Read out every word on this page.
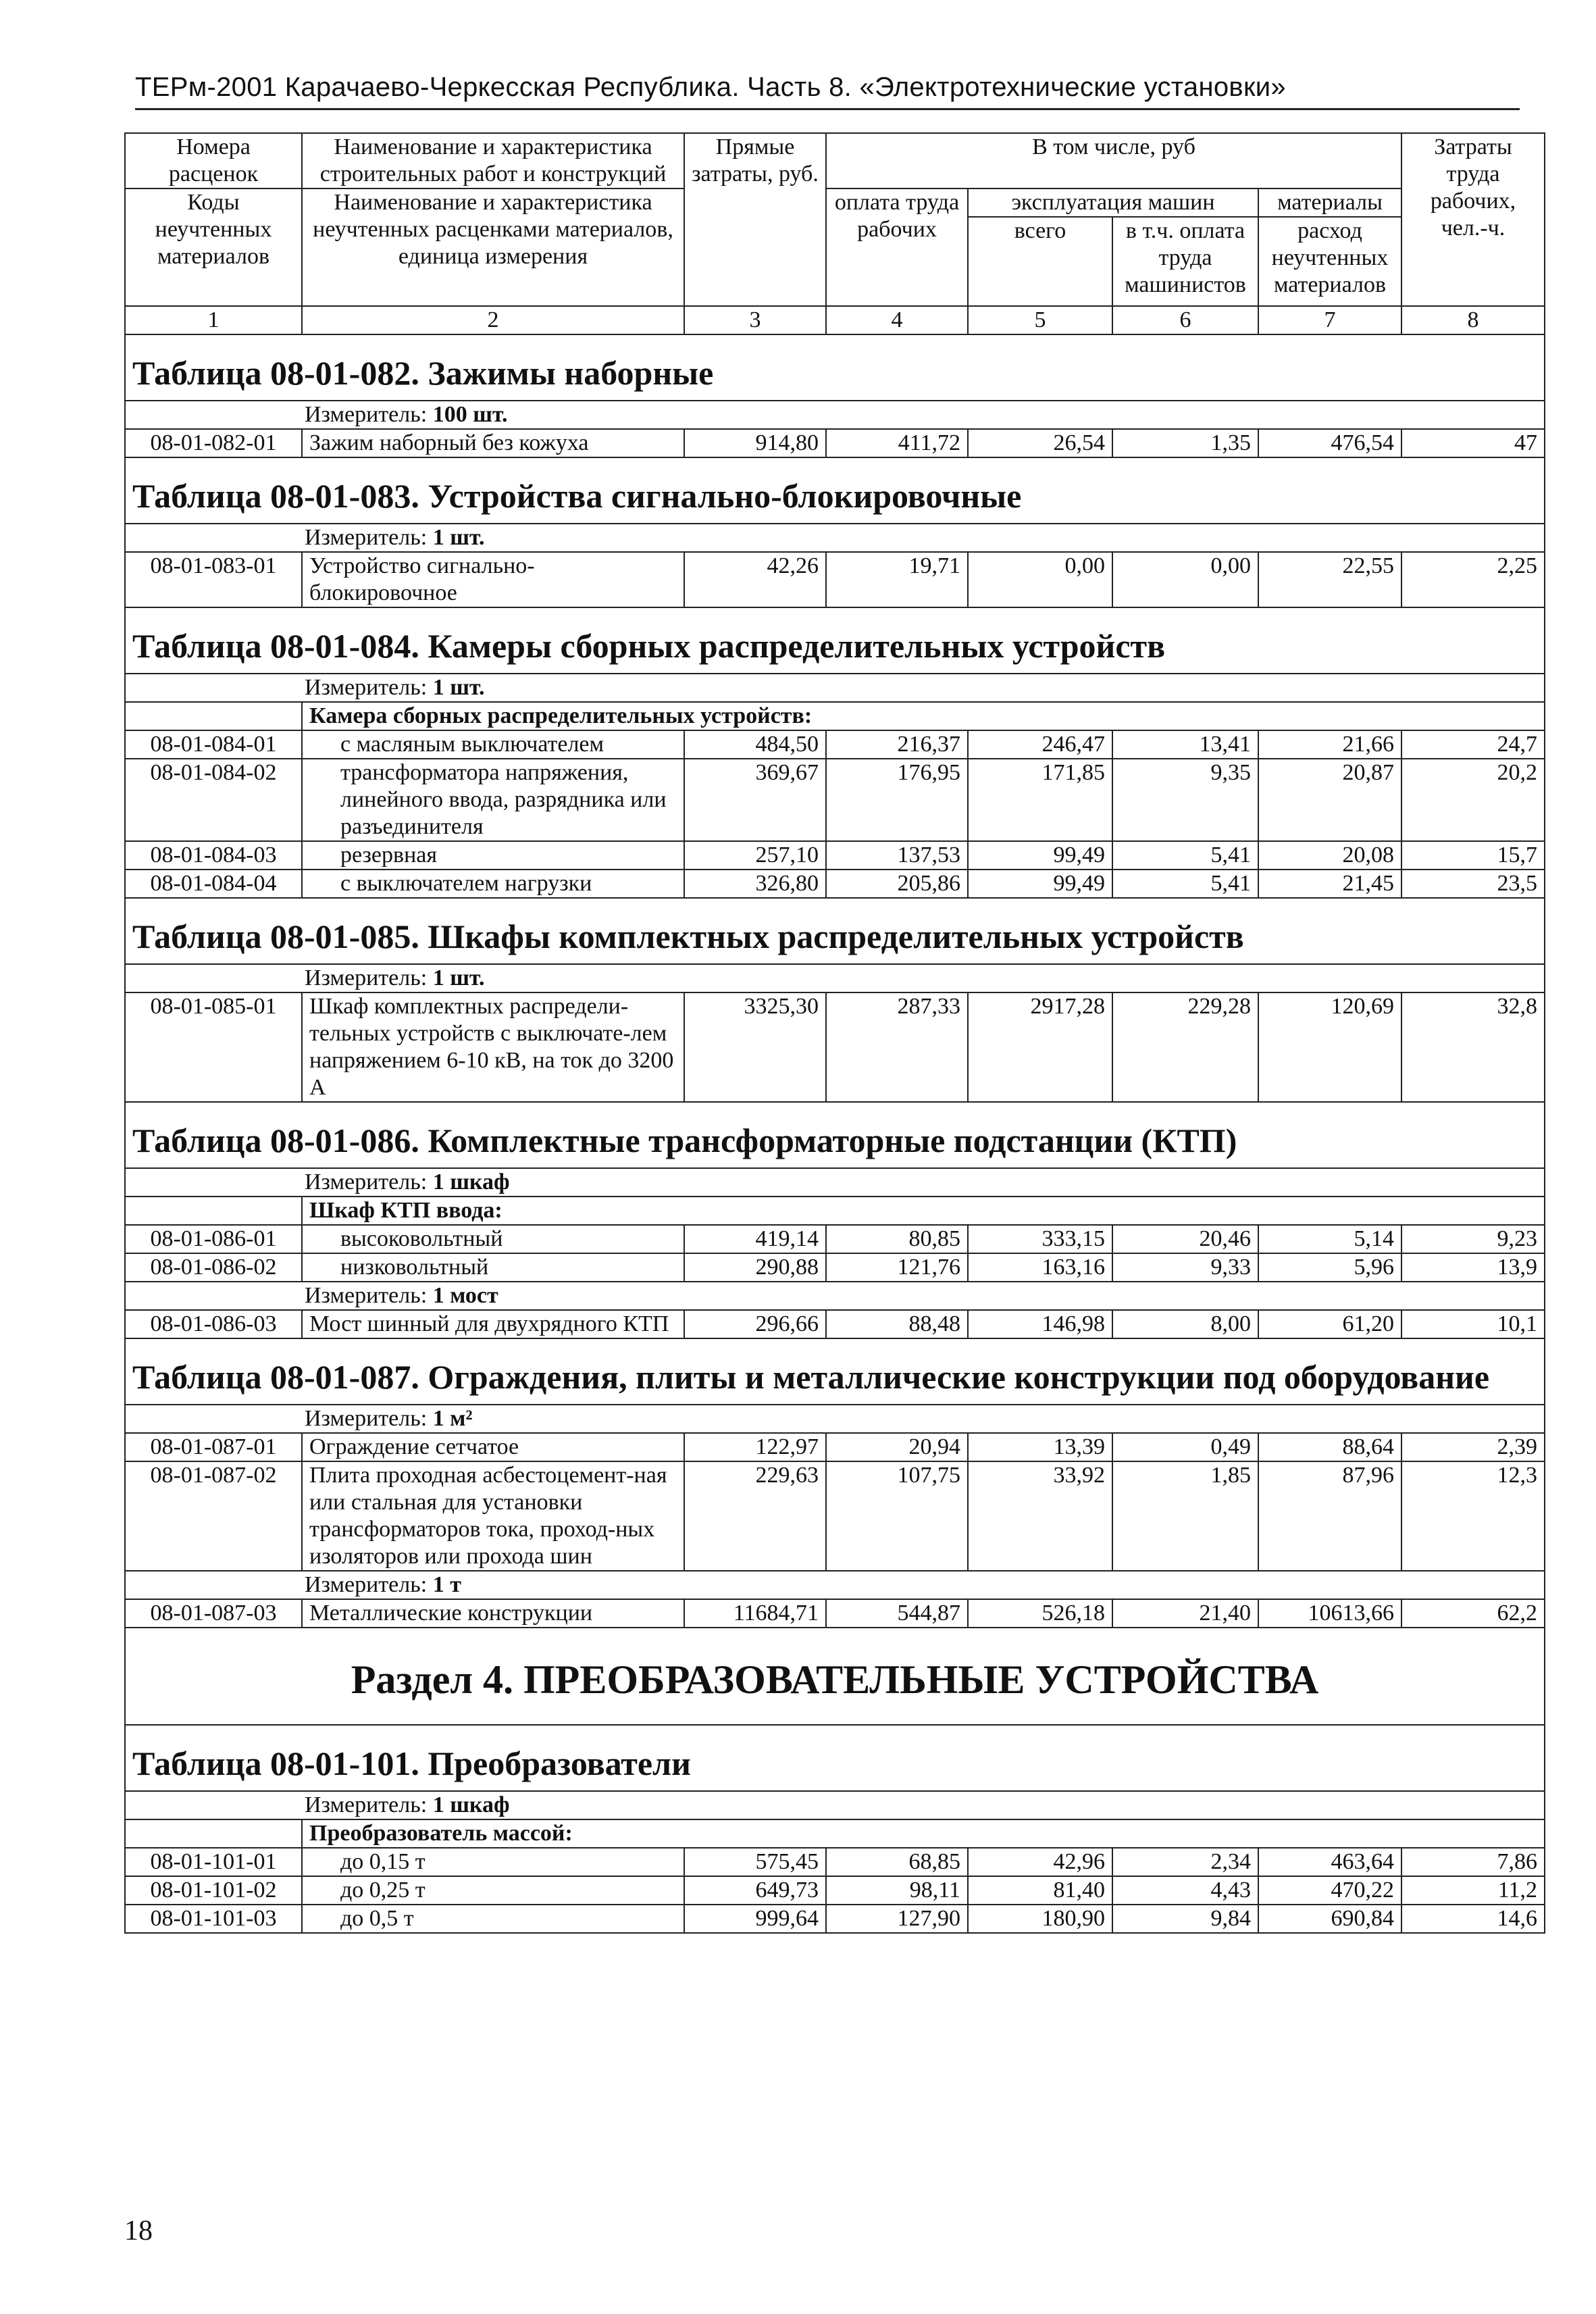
ТЕРм-2001 Карачаево-Черкесская Республика. Часть 8. «Электротехнические установки»
Номера расценок	Наименование и характеристика строительных работ и конструкций	Прямые затраты, руб.	В том числе, руб				Затраты труда рабочих, чел.-ч.
Коды неучтенных материалов	Наименование и характеристика неучтенных расценками материалов, единица измерения		оплата труда рабочих	эксплуатация машин		материалы	
				всего	в т.ч. оплата труда машинистов	расход неучтенных материалов	
1	2	3	4	5	6	7	8

Таблица 08-01-082. Зажимы наборные							

Измеритель: 100 шт.							
08-01-082-01	Зажим наборный без кожуха	914,80	411,72	26,54	1,35	476,54	47

Таблица 08-01-083. Устройства сигнально-блокировочные							

Измеритель: 1 шт.							
08-01-083-01	Устройство сигнально-блокировочное	42,26	19,71	0,00	0,00	22,55	2,25

Таблица 08-01-084. Камеры сборных распределительных устройств							

Измеритель: 1 шт.							
	Камера сборных распределительных устройств:						
08-01-084-01	с масляным выключателем	484,50	216,37	246,47	13,41	21,66	24,7
08-01-084-02	трансформатора напряжения, линейного ввода, разрядника или разъединителя	369,67	176,95	171,85	9,35	20,87	20,2
08-01-084-03	резервная	257,10	137,53	99,49	5,41	20,08	15,7
08-01-084-04	с выключателем нагрузки	326,80	205,86	99,49	5,41	21,45	23,5

Таблица 08-01-085. Шкафы комплектных распределительных устройств							

Измеритель: 1 шт.							
08-01-085-01	Шкаф комплектных распредели-тельных устройств с выключате-лем напряжением 6-10 кВ, на ток до 3200 А	3325,30	287,33	2917,28	229,28	120,69	32,8

Таблица 08-01-086. Комплектные трансформаторные подстанции (КТП)							

Измеритель: 1 шкаф							
	Шкаф КТП ввода:						
08-01-086-01	высоковольтный	419,14	80,85	333,15	20,46	5,14	9,23
08-01-086-02	низковольтный	290,88	121,76	163,16	9,33	5,96	13,9
Измеритель: 1 мост							
08-01-086-03	Мост шинный для двухрядного КТП	296,66	88,48	146,98	8,00	61,20	10,1

Таблица 08-01-087. Ограждения, плиты и металлические конструкции под оборудование							

Измеритель: 1 м²							
08-01-087-01	Ограждение сетчатое	122,97	20,94	13,39	0,49	88,64	2,39
08-01-087-02	Плита проходная асбестоцемент-ная или стальная для установки трансформаторов тока, проход-ных изоляторов или прохода шин	229,63	107,75	33,92	1,85	87,96	12,3
Измеритель: 1 т							
08-01-087-03	Металлические конструкции	11684,71	544,87	526,18	21,40	10613,66	62,2

Раздел 4. ПРЕОБРАЗОВАТЕЛЬНЫЕ УСТРОЙСТВА							

Таблица 08-01-101. Преобразователи							

Измеритель: 1 шкаф							
	Преобразователь массой:						
08-01-101-01	до 0,15 т	575,45	68,85	42,96	2,34	463,64	7,86
08-01-101-02	до 0,25 т	649,73	98,11	81,40	4,43	470,22	11,2
08-01-101-03	до 0,5 т	999,64	127,90	180,90	9,84	690,84	14,6
18
